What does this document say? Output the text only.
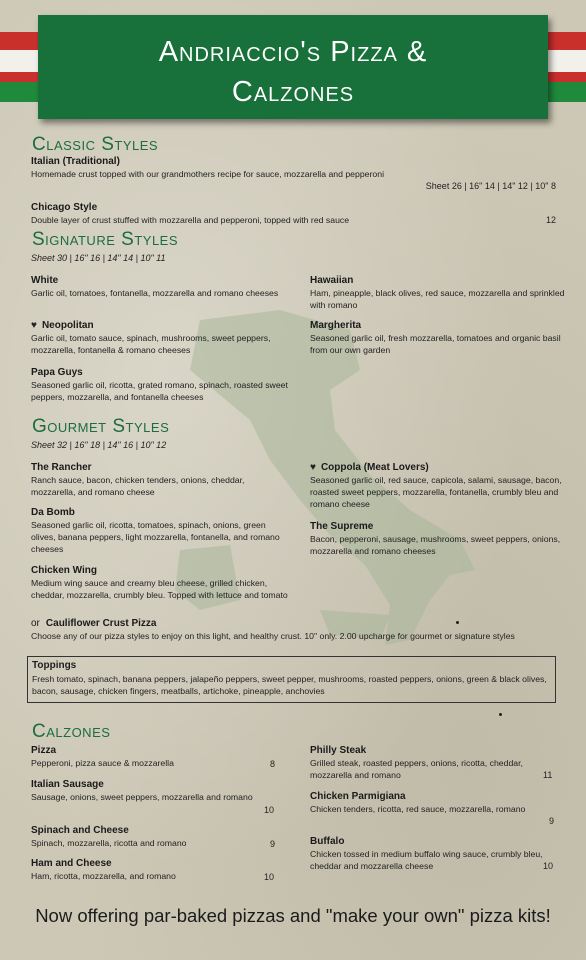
Andriaccio's Pizza &
Calzones
Classic Styles
Italian (Traditional)
Homemade crust topped with our grandmothers recipe for sauce, mozzarella and pepperoni
Sheet 26 | 16" 14 | 14" 12 | 10" 8
Chicago Style
Double layer of crust stuffed with mozzarella and pepperoni, topped with red sauce	12
Signature Styles
Sheet 30 | 16" 16 | 14" 14 | 10" 11
White
Garlic oil, tomatoes, fontanella, mozzarella and romano cheeses
Hawaiian
Ham, pineapple, black olives, red sauce, mozzarella and sprinkled with romano
♥ Neopolitan
Garlic oil, tomato sauce, spinach, mushrooms, sweet peppers, mozzarella, fontanella & romano cheeses
Margherita
Seasoned garlic oil, fresh mozzarella, tomatoes and organic basil from our own garden
Papa Guys
Seasoned garlic oil, ricotta, grated romano, spinach, roasted sweet peppers, mozzarella, and fontanella cheeses
Gourmet Styles
Sheet 32 | 16" 18 | 14" 16 | 10" 12
The Rancher
Ranch sauce, bacon, chicken tenders, onions, cheddar, mozzarella, and romano cheese
♥ Coppola (Meat Lovers)
Seasoned garlic oil, red sauce, capicola, salami, sausage, bacon, roasted sweet peppers, mozzarella, fontanella, crumbly bleu and romano cheese
Da Bomb
Seasoned garlic oil, ricotta, tomatoes, spinach, onions, green olives, banana peppers, light mozzarella, fontanella, and romano cheeses
The Supreme
Bacon, pepperoni, sausage, mushrooms, sweet peppers, onions, mozzarella and romano cheeses
Chicken Wing
Medium wing sauce and creamy bleu cheese, grilled chicken, cheddar, mozzarella, crumbly bleu. Topped with lettuce and tomato
or Cauliflower Crust Pizza
Choose any of our pizza styles to enjoy on this light, and healthy crust. 10" only. 2.00 upcharge for gourmet or signature styles
Toppings
Fresh tomato, spinach, banana peppers, jalapeño peppers, sweet pepper, mushrooms, roasted peppers, onions, green & black olives, bacon, sausage, chicken fingers, meatballs, artichoke, pineapple, anchovies
Calzones
Pizza
Pepperoni, pizza sauce & mozzarella	8
Italian Sausage
Sausage, onions, sweet peppers, mozzarella and romano
10
Spinach and Cheese
Spinach, mozzarella, ricotta and romano	9
Ham and Cheese
Ham, ricotta, mozzarella, and romano	10
Philly Steak
Grilled steak, roasted peppers, onions, ricotta, cheddar, mozzarella and romano	11
Chicken Parmigiana
Chicken tenders, ricotta, red sauce, mozzarella, romano
9
Buffalo
Chicken tossed in medium buffalo wing sauce, crumbly bleu, cheddar and mozzarella cheese	10
Now offering par-baked pizzas and "make your own" pizza kits!
